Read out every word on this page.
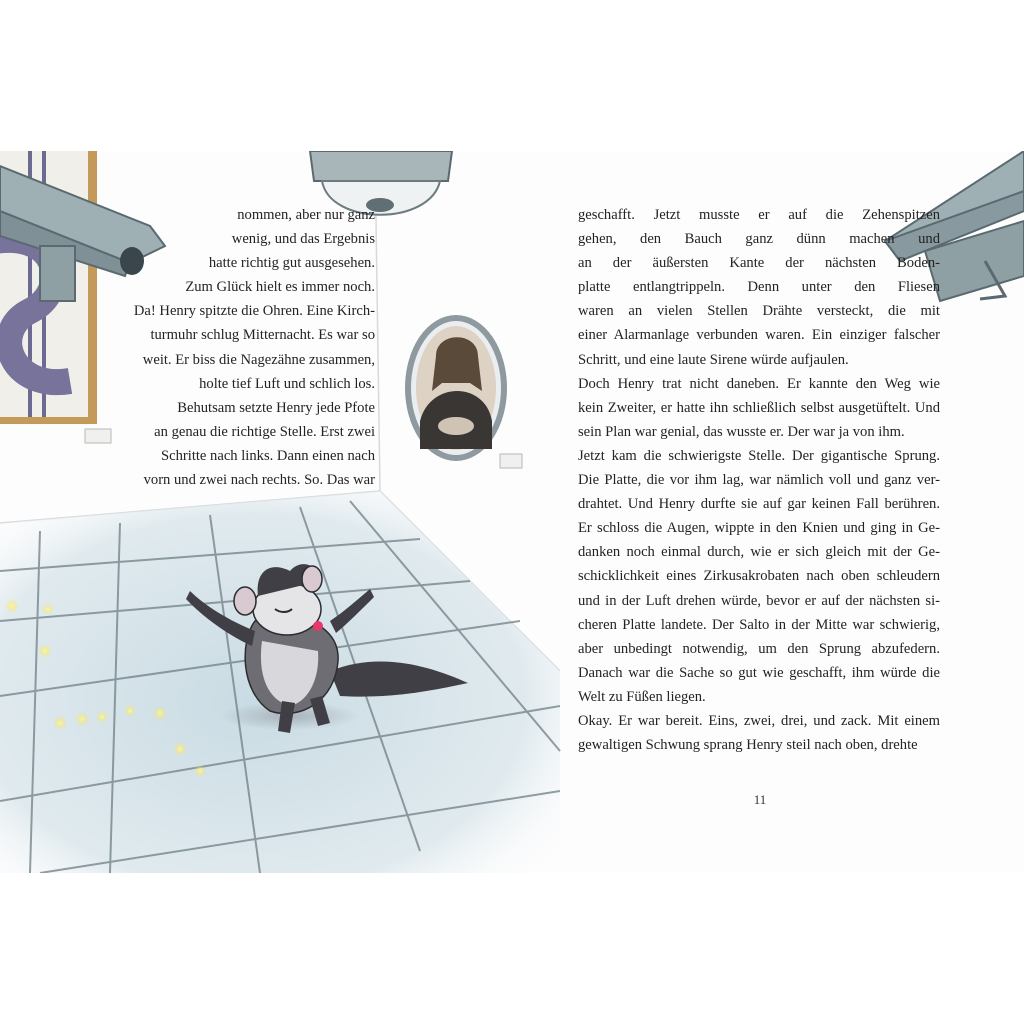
nommen, aber nur ganz
wenig, und das Ergebnis
hatte richtig gut ausgesehen.
Zum Glück hielt es immer noch.
Da! Henry spitzte die Ohren. Eine Kirch-
turmuhr schlug Mitternacht. Es war so
weit. Er biss die Nagezähne zusammen,
holte tief Luft und schlich los.
Behutsam setzte Henry jede Pfote
an genau die richtige Stelle. Erst zwei
Schritte nach links. Dann einen nach
vorn und zwei nach rechts. So. Das war
geschafft. Jetzt musste er auf die Zehenspitzen
gehen, den Bauch ganz dünn machen und
an der äußersten Kante der nächsten Boden-
platte entlangtrippeln. Denn unter den Fliesen
waren an vielen Stellen Drähte versteckt, die mit
einer Alarmanlage verbunden waren. Ein einziger falscher
Schritt, und eine laute Sirene würde aufjaulen.
Doch Henry trat nicht daneben. Er kannte den Weg wie
kein Zweiter, er hatte ihn schließlich selbst ausgetüftelt. Und
sein Plan war genial, das wusste er. Der war ja von ihm.
Jetzt kam die schwierigste Stelle. Der gigantische Sprung.
Die Platte, die vor ihm lag, war nämlich voll und ganz ver-
drahtet. Und Henry durfte sie auf gar keinen Fall berühren.
Er schloss die Augen, wippte in den Knien und ging in Ge-
danken noch einmal durch, wie er sich gleich mit der Ge-
schicklichkeit eines Zirkusakrobaten nach oben schleudern
und in der Luft drehen würde, bevor er auf der nächsten si-
cheren Platte landete. Der Salto in der Mitte war schwierig,
aber unbedingt notwendig, um den Sprung abzufedern.
Danach war die Sache so gut wie geschafft, ihm würde die
Welt zu Füßen liegen.
Okay. Er war bereit. Eins, zwei, drei, und zack. Mit einem
gewaltigen Schwung sprang Henry steil nach oben, drehte
11
